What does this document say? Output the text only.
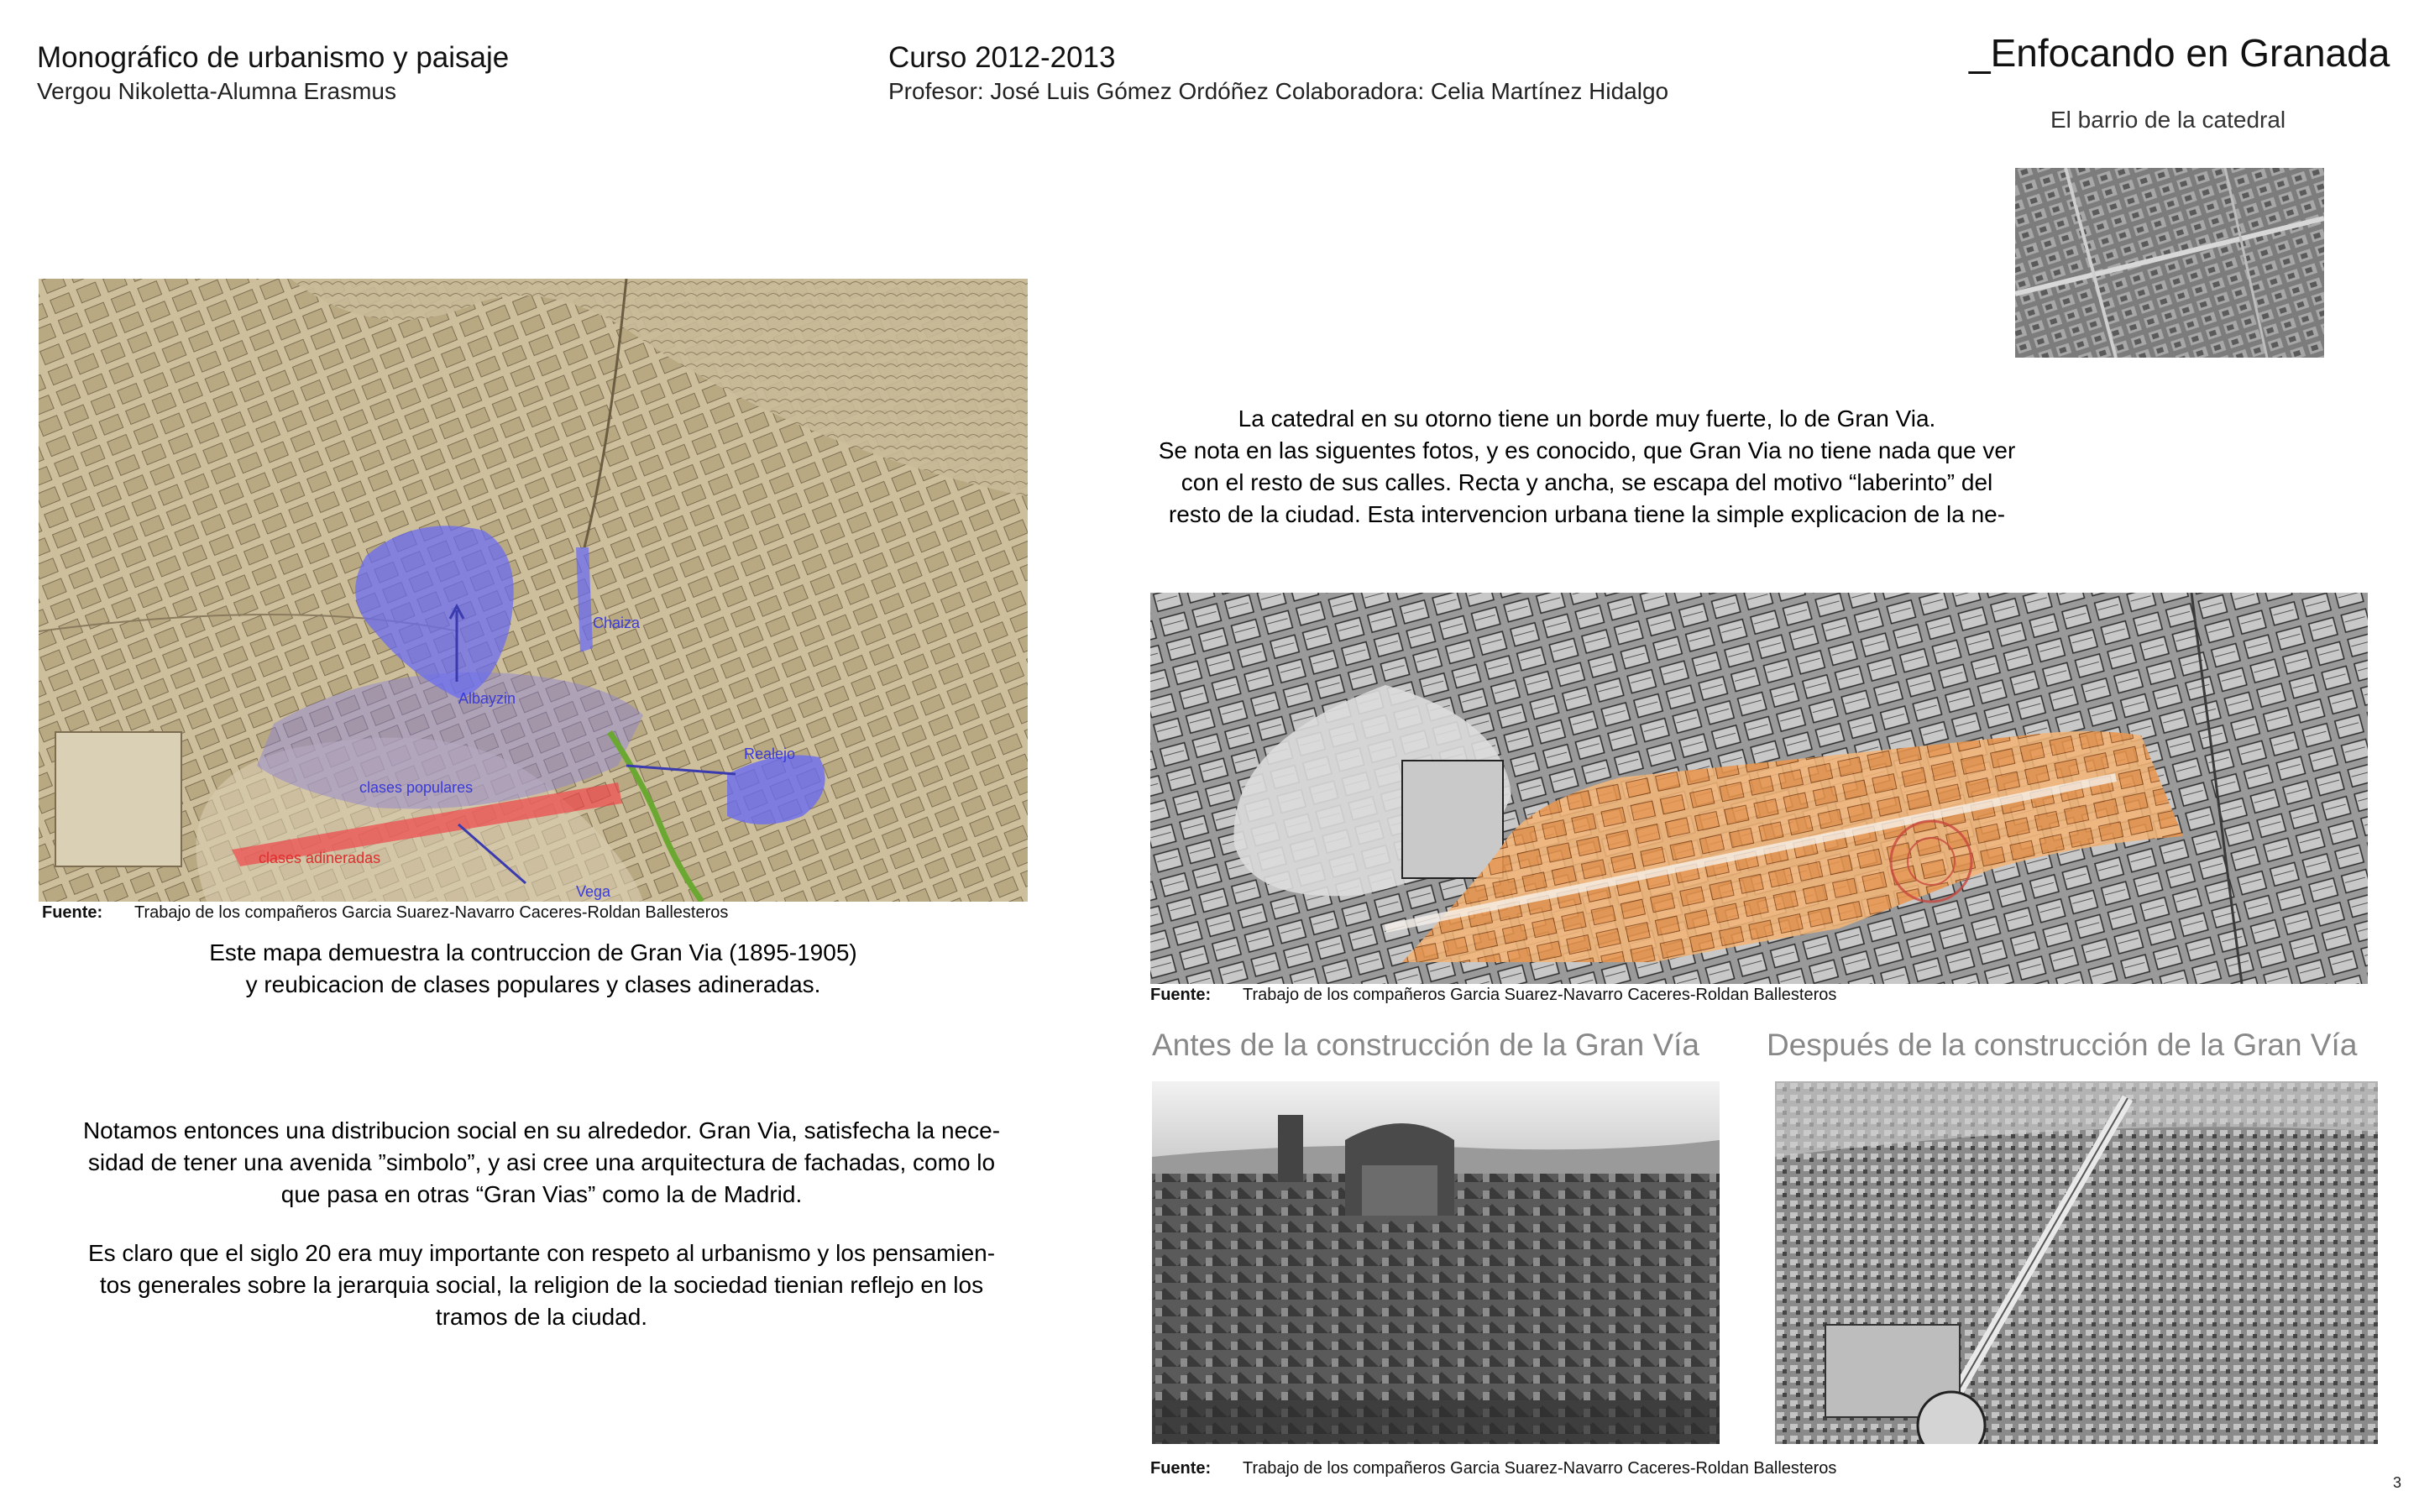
Monográfico de urbanismo y paisaje
Vergou Nikoletta-Alumna Erasmus
Curso 2012-2013
Profesor: José Luis Gómez Ordóñez Colaboradora: Celia Martínez Hidalgo
_Enfocando en Granada
El barrio de la catedral
Albayzin
Chaiza
Realejo
clases populares
clases adineradas
Vega
Fuente: Trabajo de los compañeros Garcia Suarez-Navarro Caceres-Roldan Ballesteros
Este mapa demuestra la contruccion de Gran Via (1895-1905)
y reubicacion de clases populares y clases adineradas.
Notamos entonces una distribucion social en su alrededor. Gran Via, satisfecha la nece-
sidad de tener una avenida ”simbolo”, y asi cree una arquitectura de fachadas, como lo
que pasa en otras “Gran Vias” como la de Madrid.
Es claro que el siglo 20 era muy importante con respeto al urbanismo y los pensamien-
tos generales sobre la jerarquia social, la religion de la sociedad tienian reflejo en los
tramos de la ciudad.
La catedral en su otorno tiene un borde muy fuerte, lo de Gran Via.
Se nota en las siguentes fotos, y es conocido, que Gran Via no tiene nada que ver
con el resto de sus calles. Recta y ancha, se escapa del motivo “laberinto” del
resto de la ciudad. Esta intervencion urbana tiene la simple explicacion de la ne-
Fuente: Trabajo de los compañeros Garcia Suarez-Navarro Caceres-Roldan Ballesteros
Antes de la construcción de la Gran Vía Después de la construcción de la Gran Vía
Fuente: Trabajo de los compañeros Garcia Suarez-Navarro Caceres-Roldan Ballesteros
3
